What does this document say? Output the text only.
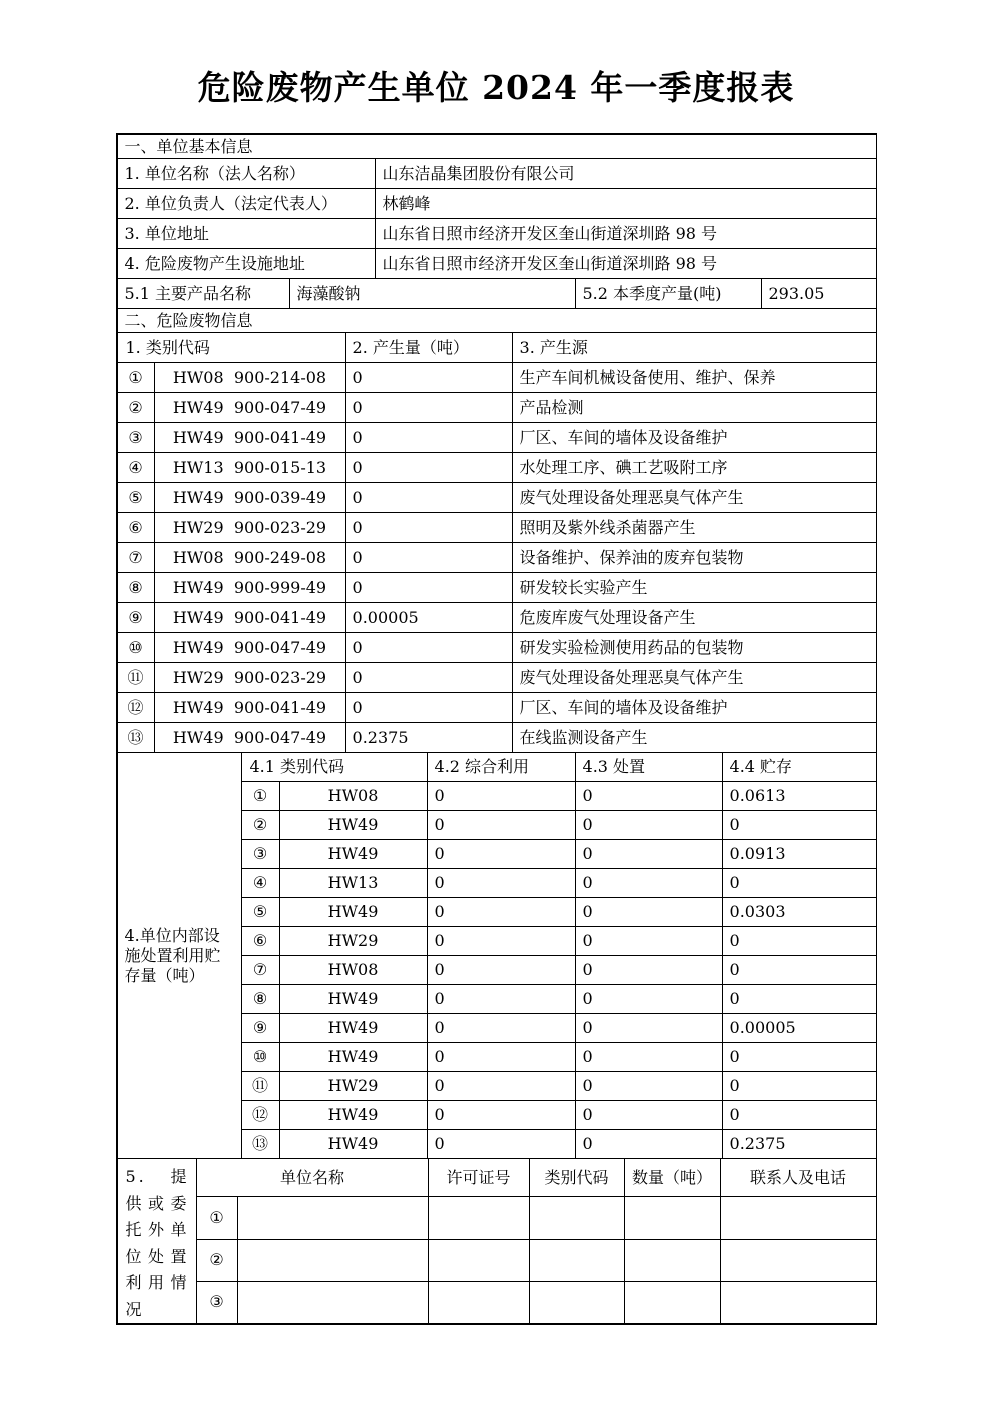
危险废物产生单位 2024 年一季度报表
一、单位基本信息
1. 单位名称（法人名称）	山东洁晶集团股份有限公司
2. 单位负责人（法定代表人）	林鹤峰
3. 单位地址	山东省日照市经济开发区奎山街道深圳路 98 号
4. 危险废物产生设施地址	山东省日照市经济开发区奎山街道深圳路 98 号
5.1 主要产品名称	海藻酸钠	5.2 本季度产量(吨)	293.05
二、危险废物信息
1. 类别代码		2. 产生量（吨）	3. 产生源
①	HW08  900-214-08	0	生产车间机械设备使用、维护、保养
②	HW49  900-047-49	0	产品检测
③	HW49  900-041-49	0	厂区、车间的墙体及设备维护
④	HW13  900-015-13	0	水处理工序、碘工艺吸附工序
⑤	HW49  900-039-49	0	废气处理设备处理恶臭气体产生
⑥	HW29  900-023-29	0	照明及紫外线杀菌器产生
⑦	HW08  900-249-08	0	设备维护、保养油的废弃包装物
⑧	HW49  900-999-49	0	研发较长实验产生
⑨	HW49  900-041-49	0.00005	危废库废气处理设备产生
⑩	HW49  900-047-49	0	研发实验检测使用药品的包装物
⑪	HW29  900-023-29	0	废气处理设备处理恶臭气体产生
⑫	HW49  900-041-49	0	厂区、车间的墙体及设备维护
⑬	HW49  900-047-49	0.2375	在线监测设备产生
4.单位内部设施处置利用贮存量（吨）	4.1 类别代码		4.2 综合利用	4.3 处置	4.4 贮存
	①	HW08	0	0	0.0613
	②	HW49	0	0	0
	③	HW49	0	0	0.0913
	④	HW13	0	0	0
	⑤	HW49	0	0	0.0303
	⑥	HW29	0	0	0
	⑦	HW08	0	0	0
	⑧	HW49	0	0	0
	⑨	HW49	0	0	0.00005
	⑩	HW49	0	0	0
	⑪	HW29	0	0	0
	⑫	HW49	0	0	0
	⑬	HW49	0	0	0.2375
5. 提供或委托外单位处置利用情况	单位名称		许可证号	类别代码	数量（吨）	联系人及电话
	①					
	②					
	③					
